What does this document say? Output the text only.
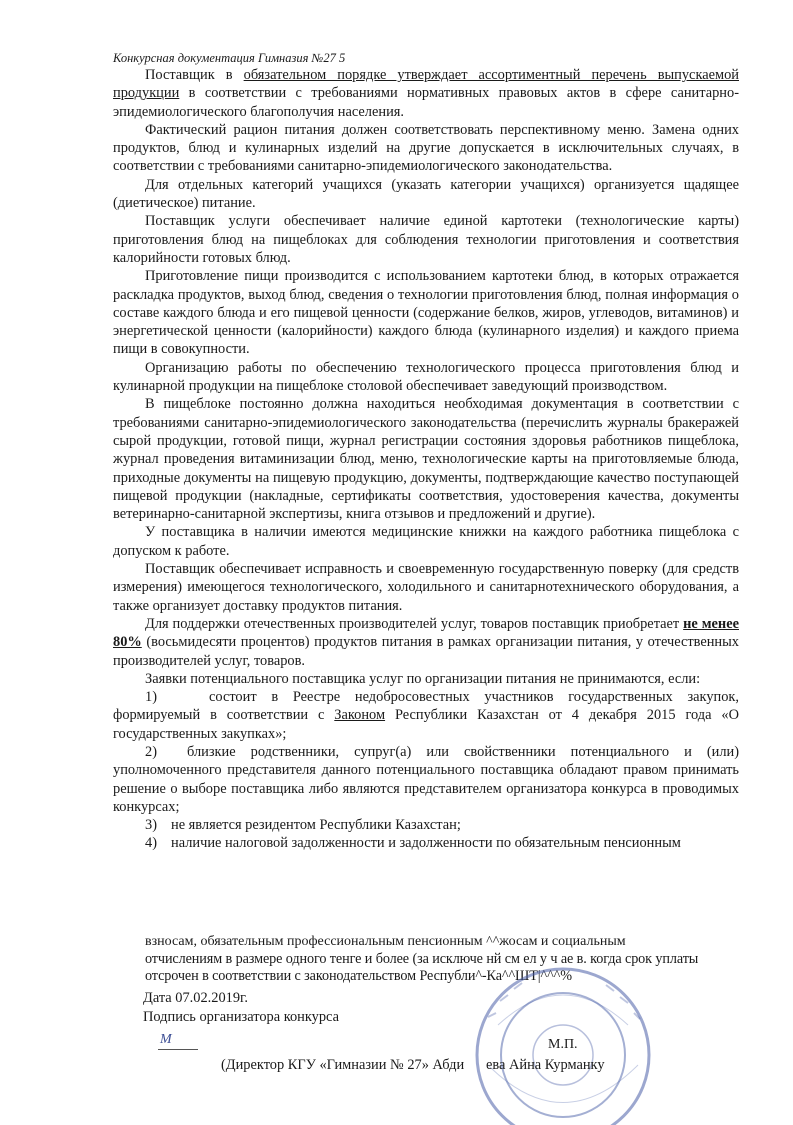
Конкурсная документация Гимназия №27 5

Поставщик в обязательном порядке утверждает ассортиментный перечень выпускаемой продукции в соответствии с требованиями нормативных правовых актов в сфере санитарно-эпидемиологического благополучия населения.

Фактический рацион питания должен соответствовать перспективному меню. Замена одних продуктов, блюд и кулинарных изделий на другие допускается в исключительных случаях, в соответствии с требованиями санитарно-эпидемиологического законодательства.

Для отдельных категорий учащихся (указать категории учащихся) организуется щадящее (диетическое) питание.

Поставщик услуги обеспечивает наличие единой картотеки (технологические карты) приготовления блюд на пищеблоках для соблюдения технологии приготовления и соответствия калорийности готовых блюд.

Приготовление пищи производится с использованием картотеки блюд, в которых отражается раскладка продуктов, выход блюд, сведения о технологии приготовления блюд, полная информация о составе каждого блюда и его пищевой ценности (содержание белков, жиров, углеводов, витаминов) и энергетической ценности (калорийности) каждого блюда (кулинарного изделия) и каждого приема пищи в совокупности.

Организацию работы по обеспечению технологического процесса приготовления блюд и кулинарной продукции на пищеблоке столовой обеспечивает заведующий производством.

В пищеблоке постоянно должна находиться необходимая документация в соответствии с требованиями санитарно-эпидемиологического законодательства (перечислить журналы бракеражей сырой продукции, готовой пищи, журнал регистрации состояния здоровья работников пищеблока, журнал проведения витаминизации блюд, меню, технологические карты на приготовляемые блюда, приходные документы на пищевую продукцию, документы, подтверждающие качество поступающей пищевой продукции (накладные, сертификаты соответствия, удостоверения качества, документы ветеринарно-санитарной экспертизы, книга отзывов и предложений и другие).

У поставщика в наличии имеются медицинские книжки на каждого работника пищеблока с допуском к работе.

Поставщик обеспечивает исправность и своевременную государственную поверку (для средств измерения) имеющегося технологического, холодильного и санитарнотехнического оборудования, а также организует доставку продуктов питания.

Для поддержки отечественных производителей услуг, товаров поставщик приобретает не менее 80% (восьмидесяти процентов) продуктов питания в рамках организации питания, у отечественных производителей услуг, товаров.

Заявки потенциального поставщика услуг по организации питания не принимаются, если:

1)	состоит в Реестре недобросовестных участников государственных закупок, формируемый в соответствии с Законом Республики Казахстан от 4 декабря 2015 года «О государственных закупках»;

2) близкие родственники, супруг(а) или свойственники потенциального и (или) уполномоченного представителя данного потенциального поставщика обладают правом принимать решение о выборе поставщика либо являются представителем организатора конкурса в проводимых конкурсах;

3) не является резидентом Республики Казахстан;

4) наличие налоговой задолженности и задолженности по обязательным пенсионным

взносам, обязательным профессиональным пенсионным ^^жосам и социальным
отчислениям в размере одного тенге и более (за исключе нй см ел у ч ае в. когда срок уплаты
отсрочен в соответствии с законодательством Республи^-Ка^^ШТ|^^^%
М.П.
Дата 07.02.2019г.
Подпись организатора конкурса
М
(Директор КГУ «Гимназии № 27» Абди ева Айна Курманку
